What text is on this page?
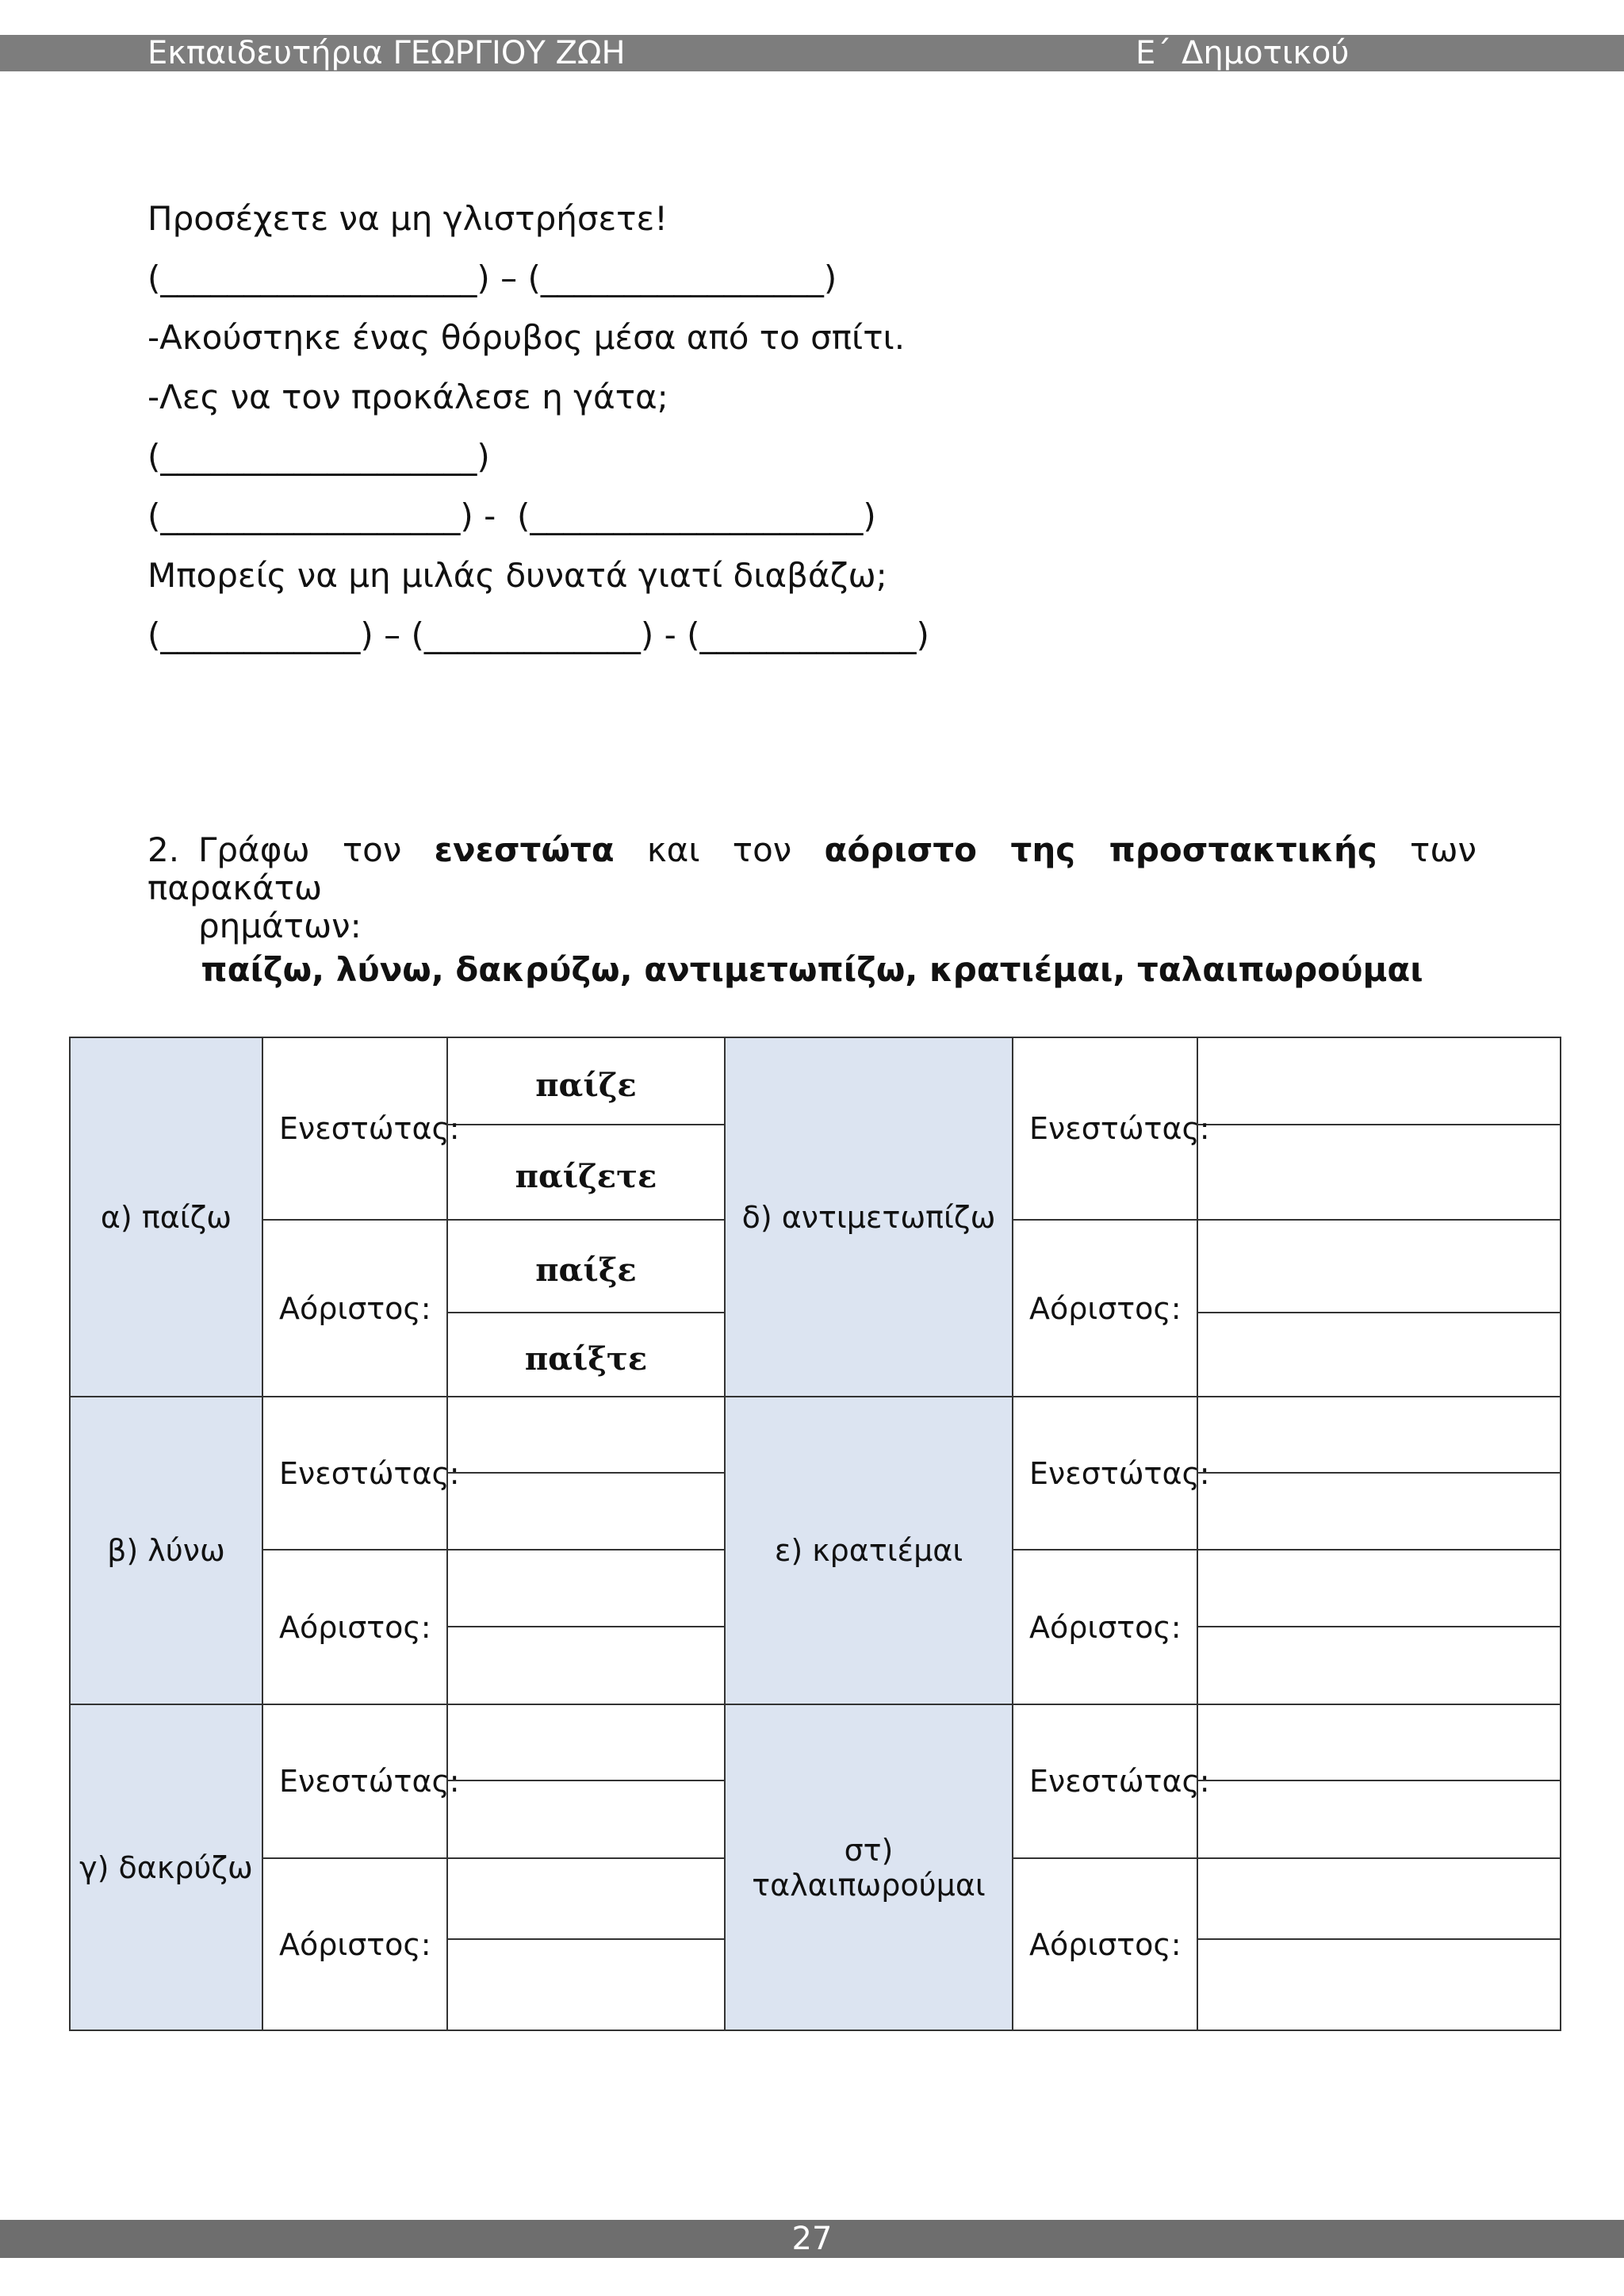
Εκπαιδευτήρια ΓΕΩΡΓΙΟΥ ΖΩΗ	Ε΄ Δημοτικού
Προσέχετε να μη γλιστρήσετε!
(___________________) – (_________________)
-Ακούστηκε ένας θόρυβος μέσα από το σπίτι.
-Λες να τον προκάλεσε η γάτα;
(___________________)
(__________________) -  (____________________)
Μπορείς να μη μιλάς δυνατά γιατί διαβάζω;
(____________) – (_____________) - (_____________)
2. Γράφω τον ενεστώτα και τον αόριστο της προστακτικής των παρακάτω
ρημάτων:
παίζω, λύνω, δακρύζω, αντιμετωπίζω, κρατιέμαι, ταλαιπωρούμαι
α) παίζω	Ενεστώτας:	παίζε	δ) αντιμετωπίζω	Ενεστώτας:	
		παίζετε			
	Αόριστος:	παίξε		Αόριστος:	
		παίξτε			
β) λύνω	Ενεστώτας:		ε) κρατιέμαι	Ενεστώτας:	

	Αόριστος:			Αόριστος:	

γ) δακρύζω	Ενεστώτας:		στ) ταλαιπωρούμαι	Ενεστώτας:	

	Αόριστος:			Αόριστος:	

27
